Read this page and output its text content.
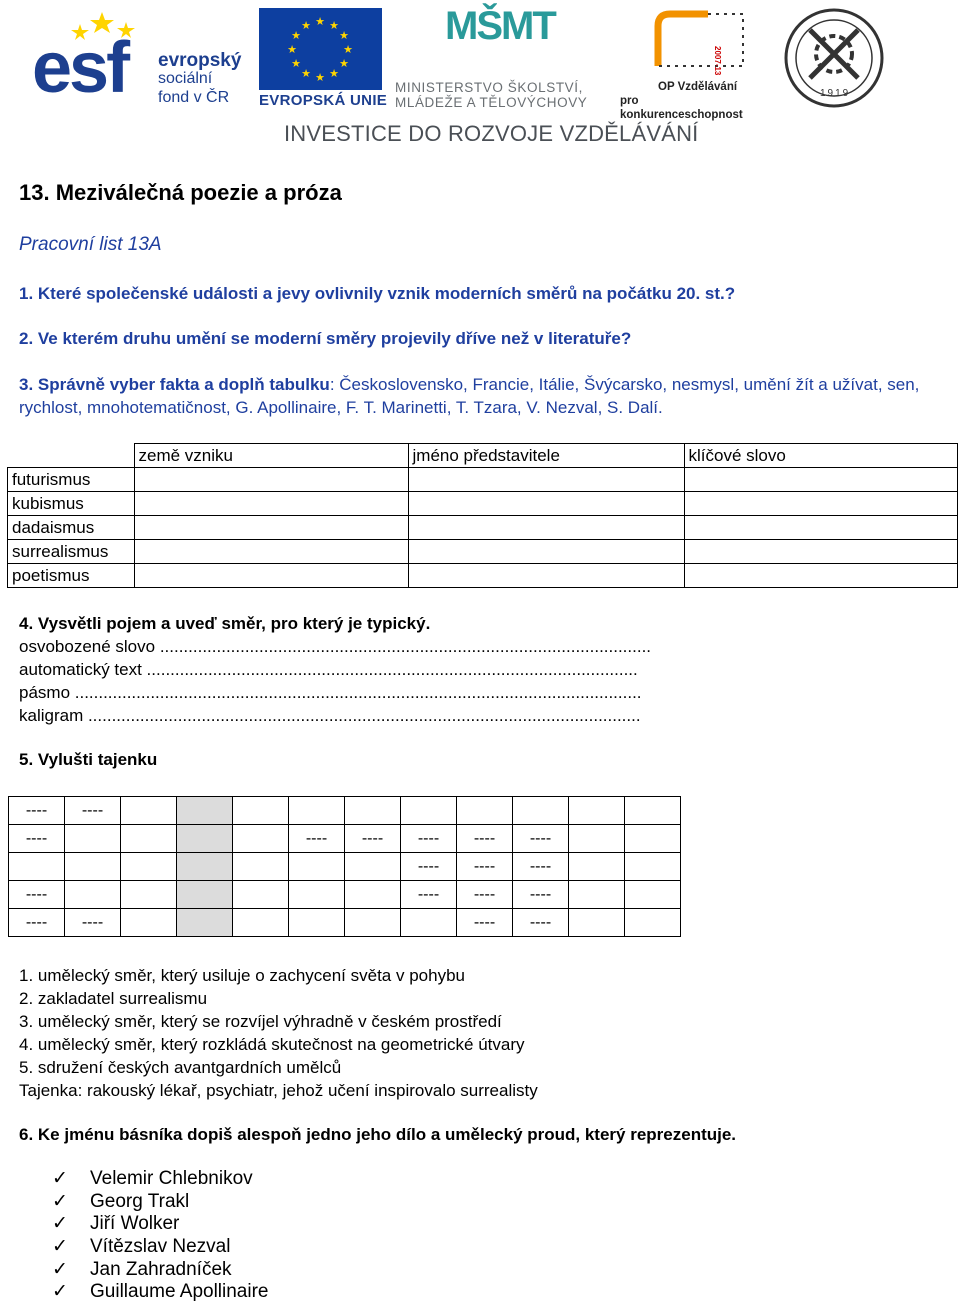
esf evropský
sociální
fond v ČR
★ ★
★
★
★
★
★
★
★
★
★
★
EVROPSKÁ UNIE
MŠMT
MINISTERSTVO ŠKOLSTVÍ,
MLÁDEŽE A TĚLOVÝCHOVY
2007-13
OP Vzdělávání
pro konkurenceschopnost
1919
INVESTICE DO ROZVOJE VZDĚLÁVÁNÍ
13. Meziválečná poezie a próza
Pracovní list 13A
1. Které společenské události a jevy ovlivnily vznik moderních směrů na počátku 20. st.?
2. Ve kterém druhu umění se moderní směry projevily dříve než v literatuře?
3. Správně vyber fakta a doplň tabulku: Československo, Francie, Itálie, Švýcarsko, nesmysl, umění žít a užívat, sen, rychlost, mnohotematičnost, G. Apollinaire, F. T. Marinetti, T. Tzara, V. Nezval, S. Dalí.
	země vzniku	jméno představitele	klíčové slovo
futurismus			
kubismus			
dadaismus			
surrealismus			
poetismus			
4. Vysvětli pojem a uveď směr, pro který je typický.
osvobozené slovo ........................................................................................................
automatický text ........................................................................................................
pásmo ........................................................................................................................
kaligram .....................................................................................................................
5. Vylušti tajenku
----	----										
----					----	----	----	----	----		
							----	----	----		
----							----	----	----		
----	----							----	----		
1. umělecký směr, který usiluje o zachycení světa v pohybu
2. zakladatel surrealismu
3. umělecký směr, který se rozvíjel výhradně v českém prostředí
4. umělecký směr, který rozkládá skutečnost na geometrické útvary
5. sdružení českých avantgardních umělců
Tajenka: rakouský lékař, psychiatr, jehož učení inspirovalo surrealisty
6. Ke jménu básníka dopiš alespoň jedno jeho dílo a umělecký proud, který reprezentuje.
✓ Velemir Chlebnikov
✓ Georg Trakl
✓ Jiří Wolker
✓ Vítězslav Nezval
✓ Jan Zahradníček
✓ Guillaume Apollinaire
